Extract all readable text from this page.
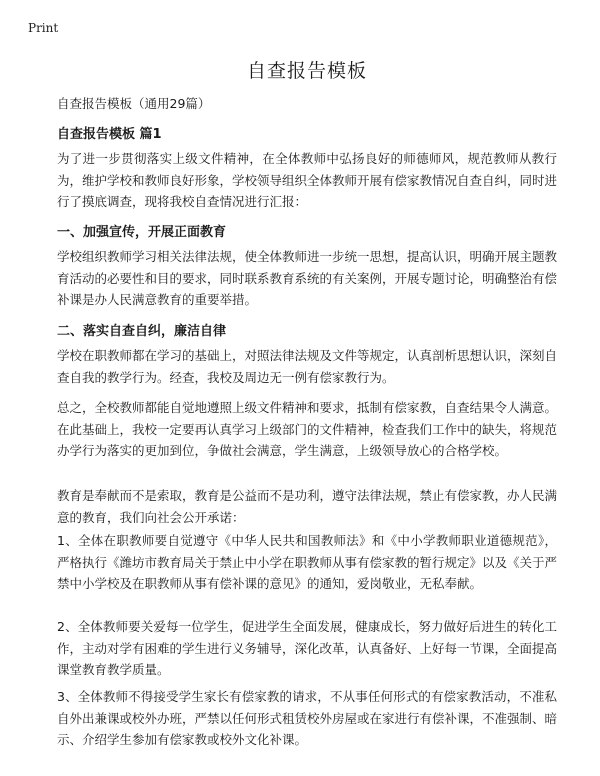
Print
自查报告模板

自查报告模板（通用29篇）

自查报告模板 篇1

为了进一步贯彻落实上级文件精神，在全体教师中弘扬良好的师德师风，规范教师从教行为，维护学校和教师良好形象，学校领导组织全体教师开展有偿家教情况自查自纠，同时进行了摸底调查，现将我校自查情况进行汇报：

一、加强宣传，开展正面教育

学校组织教师学习相关法律法规，使全体教师进一步统一思想，提高认识，明确开展主题教育活动的必要性和目的要求，同时联系教育系统的有关案例，开展专题讨论，明确整治有偿补课是办人民满意教育的重要举措。

二、落实自查自纠，廉洁自律

学校在职教师都在学习的基础上，对照法律法规及文件等规定，认真剖析思想认识，深刻自查自我的教学行为。经查，我校及周边无一例有偿家教行为。

总之，全校教师都能自觉地遵照上级文件精神和要求，抵制有偿家教，自查结果令人满意。在此基础上，我校一定要再认真学习上级部门的文件精神，检查我们工作中的缺失，将规范办学行为落实的更加到位，争做社会满意，学生满意，上级领导放心的合格学校。

教育是奉献而不是索取，教育是公益而不是功利，遵守法律法规，禁止有偿家教，办人民满意的教育，我们向社会公开承诺：

1、全体在职教师要自觉遵守《中华人民共和国教师法》和《中小学教师职业道德规范》，严格执行《潍坊市教育局关于禁止中小学在职教师从事有偿家教的暂行规定》以及《关于严禁中小学校及在职教师从事有偿补课的意见》的通知，爱岗敬业，无私奉献。

2、全体教师要关爱每一位学生，促进学生全面发展，健康成长，努力做好后进生的转化工作，主动对学有困难的学生进行义务辅导，深化改革，认真备好、上好每一节课，全面提高课堂教育教学质量。

3、全体教师不得接受学生家长有偿家教的请求，不从事任何形式的有偿家教活动，不准私自外出兼课或校外办班，严禁以任何形式租赁校外房屋或在家进行有偿补课，不准强制、暗示、介绍学生参加有偿家教或校外文化补课。
